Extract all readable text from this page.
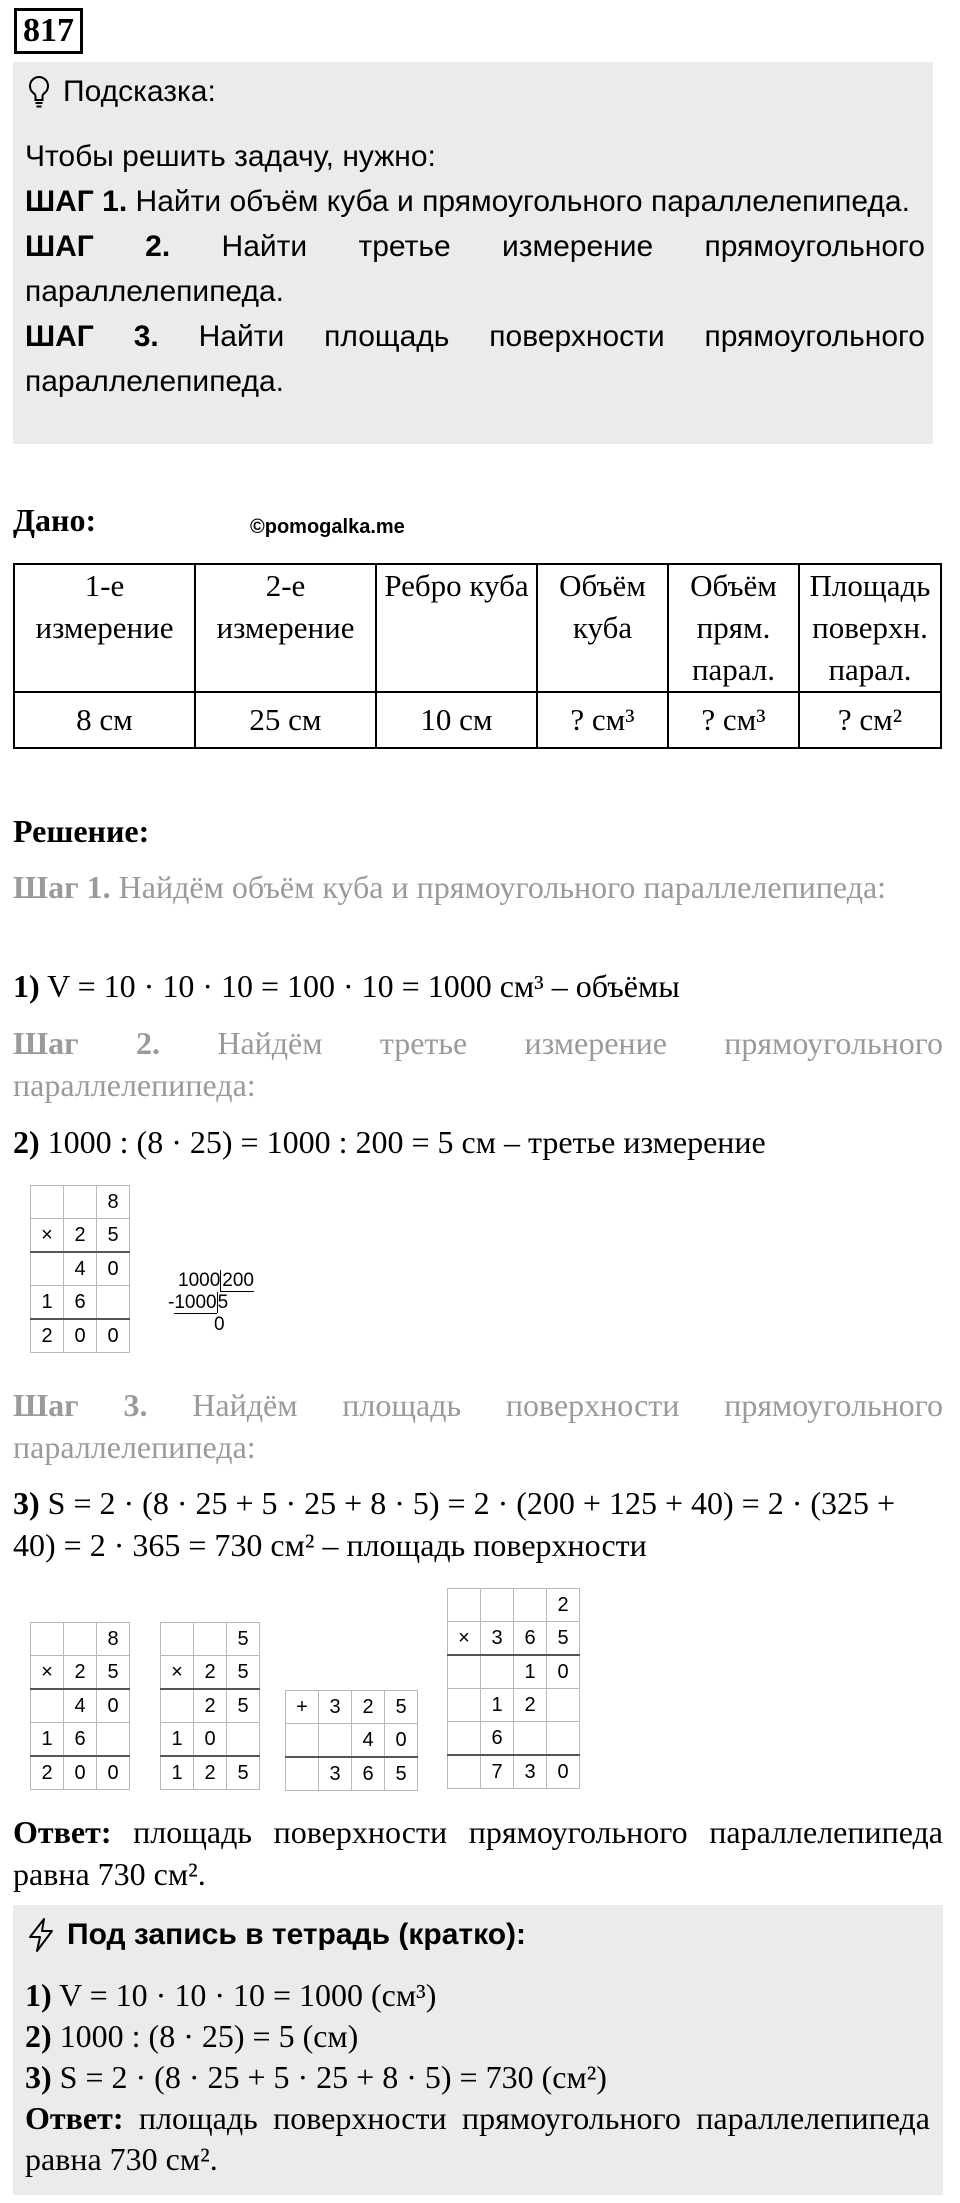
817
Подсказка:

Чтобы решить задачу, нужно:

ШАГ 1. Найти объём куба и прямоугольного параллелепипеда.

ШАГ 2. Найти третье измерение прямоугольного параллелепипеда.

ШАГ 3. Найти площадь поверхности прямоугольного параллелепипеда.

Дано:	©pomogalka.me
1-е измерение	2-е измерение	Ребро куба	Объём куба	Объём прям. парал.	Площадь поверхн. парал.
8 см	25 см	10 см	? см³	? см³	? см²
Решение:
Шаг 1. Найдём объём куба и прямоугольного параллелепипеда:
1) V = 10 · 10 · 10 = 100 · 10 = 1000 см³ – объёмы
Шаг 2. Найдём третье измерение прямоугольного параллелепипеда:
2) 1000 : (8 · 25) = 1000 : 200 = 5 см – третье измерение
		8
×	2	5
	4	0
1	6	
2	0	0
1000 200
-10005
0
Шаг 3. Найдём площадь поверхности прямоугольного параллелепипеда:
3) S = 2 · (8 · 25 + 5 · 25 + 8 · 5) = 2 · (200 + 125 + 40) = 2 · (325 + 40) = 2 · 365 = 730 см² – площадь поверхности
		8
×	2	5
	4	0
1	6	
2	0	0
		5
×	2	5
	2	5
1	0	
1	2	5
+	3	2	5
		4	0
	3	6	5
			2
×	3	6	5
		1	0
	1	2	
	6		
	7	3	0
Ответ: площадь поверхности прямоугольного параллелепипеда равна 730 см².
Под запись в тетрадь (кратко):

1) V = 10 · 10 · 10 = 1000 (см³)

2) 1000 : (8 · 25) = 5 (см)

3) S = 2 · (8 · 25 + 5 · 25 + 8 · 5) = 730 (см²)

Ответ: площадь поверхности прямоугольного параллелепипеда равна 730 см².
